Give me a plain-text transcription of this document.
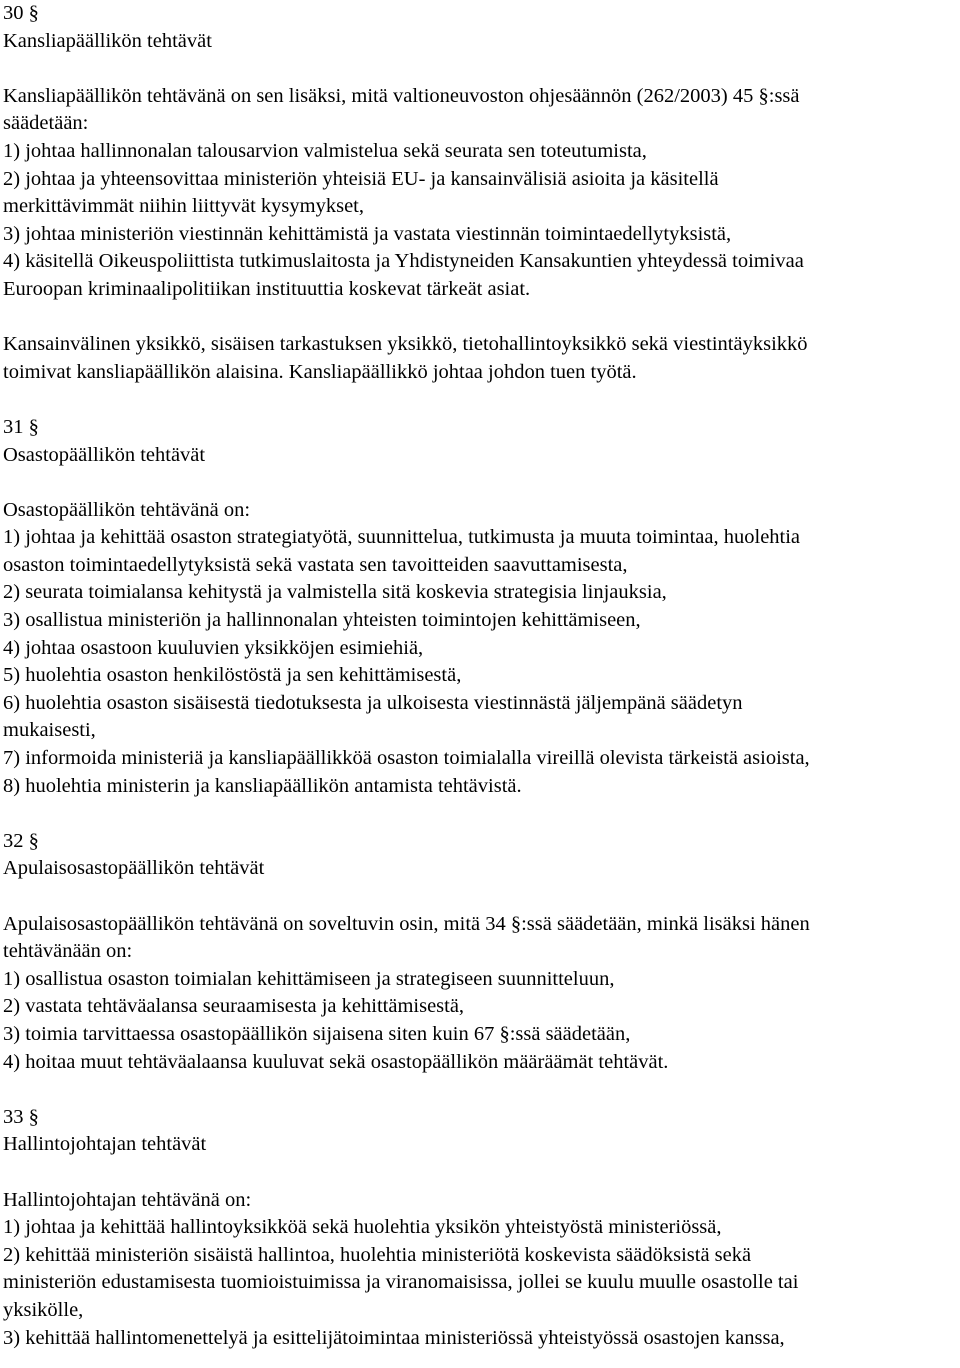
30 §
Kansliapäällikön tehtävät
Kansliapäällikön tehtävänä on sen lisäksi, mitä valtioneuvoston ohjesäännön (262/2003) 45 §:ssä
säädetään:
1) johtaa hallinnonalan talousarvion valmistelua sekä seurata sen toteutumista,
2) johtaa ja yhteensovittaa ministeriön yhteisiä EU- ja kansainvälisiä asioita ja käsitellä
merkittävimmät niihin liittyvät kysymykset,
3) johtaa ministeriön viestinnän kehittämistä ja vastata viestinnän toimintaedellytyksistä,
4) käsitellä Oikeuspoliittista tutkimuslaitosta ja Yhdistyneiden Kansakuntien yhteydessä toimivaa
Euroopan kriminaalipolitiikan instituuttia koskevat tärkeät asiat.
Kansainvälinen yksikkö, sisäisen tarkastuksen yksikkö, tietohallintoyksikkö sekä viestintäyksikkö
toimivat kansliapäällikön alaisina. Kansliapäällikkö johtaa johdon tuen työtä.
31 §
Osastopäällikön tehtävät
Osastopäällikön tehtävänä on:
1) johtaa ja kehittää osaston strategiatyötä, suunnittelua, tutkimusta ja muuta toimintaa, huolehtia
osaston toimintaedellytyksistä sekä vastata sen tavoitteiden saavuttamisesta,
2) seurata toimialansa kehitystä ja valmistella sitä koskevia strategisia linjauksia,
3) osallistua ministeriön ja hallinnonalan yhteisten toimintojen kehittämiseen,
4) johtaa osastoon kuuluvien yksikköjen esimiehiä,
5) huolehtia osaston henkilöstöstä ja sen kehittämisestä,
6) huolehtia osaston sisäisestä tiedotuksesta ja ulkoisesta viestinnästä jäljempänä säädetyn
mukaisesti,
7) informoida ministeriä ja kansliapäällikköä osaston toimialalla vireillä olevista tärkeistä asioista,
8) huolehtia ministerin ja kansliapäällikön antamista tehtävistä.
32 §
Apulaisosastopäällikön tehtävät
Apulaisosastopäällikön tehtävänä on soveltuvin osin, mitä 34 §:ssä säädetään, minkä lisäksi hänen
tehtävänään on:
1) osallistua osaston toimialan kehittämiseen ja strategiseen suunnitteluun,
2) vastata tehtäväalansa seuraamisesta ja kehittämisestä,
3) toimia tarvittaessa osastopäällikön sijaisena siten kuin 67 §:ssä säädetään,
4) hoitaa muut tehtäväalaansa kuuluvat sekä osastopäällikön määräämät tehtävät.
33 §
Hallintojohtajan tehtävät
Hallintojohtajan tehtävänä on:
1) johtaa ja kehittää hallintoyksikköä sekä huolehtia yksikön yhteistyöstä ministeriössä,
2) kehittää ministeriön sisäistä hallintoa, huolehtia ministeriötä koskevista säädöksistä sekä
ministeriön edustamisesta tuomioistuimissa ja viranomaisissa, jollei se kuulu muulle osastolle tai
yksikölle,
3) kehittää hallintomenettelyä ja esittelijätoimintaa ministeriössä yhteistyössä osastojen kanssa,
